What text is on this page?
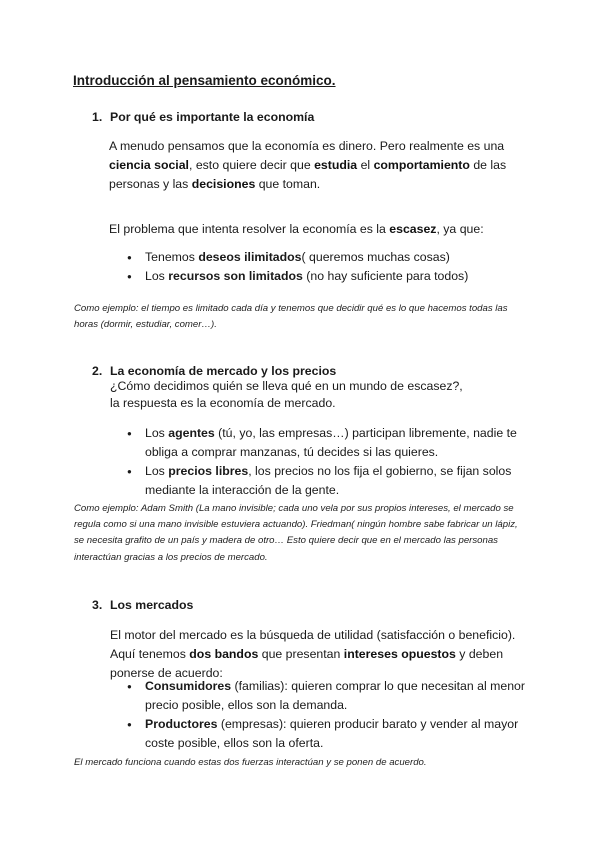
Introducción al pensamiento económico.
1. Por qué es importante la economía
A menudo pensamos que la economía es dinero. Pero realmente es una ciencia social, esto quiere decir que estudia el comportamiento de las personas y las decisiones que toman.
El problema que intenta resolver la economía es la escasez, ya que:
● Tenemos deseos ilimitados( queremos muchas cosas)
● Los recursos son limitados (no hay suficiente para todos)
Como ejemplo: el tiempo es limitado cada día y tenemos que decidir qué es lo que hacemos todas las horas (dormir, estudiar, comer…).
2. La economía de mercado y los precios
¿Cómo decidimos quién se lleva qué en un mundo de escasez?,
la respuesta es la economía de mercado.
● Los agentes (tú, yo, las empresas…) participan libremente, nadie te obliga a comprar manzanas, tú decides si las quieres.
● Los precios libres, los precios no los fija el gobierno, se fijan solos mediante la interacción de la gente.
Como ejemplo: Adam Smith (La mano invisible; cada uno vela por sus propios intereses, el mercado se regula como si una mano invisible estuviera actuando). Friedman( ningún hombre sabe fabricar un lápiz, se necesita grafito de un país y madera de otro… Esto quiere decir que en el mercado las personas interactúan gracias a los precios de mercado.
3. Los mercados
El motor del mercado es la búsqueda de utilidad (satisfacción o beneficio). Aquí tenemos dos bandos que presentan intereses opuestos y deben ponerse de acuerdo:
● Consumidores (familias): quieren comprar lo que necesitan al menor precio posible, ellos son la demanda.
● Productores (empresas): quieren producir barato y vender al mayor coste posible, ellos son la oferta.
El mercado funciona cuando estas dos fuerzas interactúan y se ponen de acuerdo.
